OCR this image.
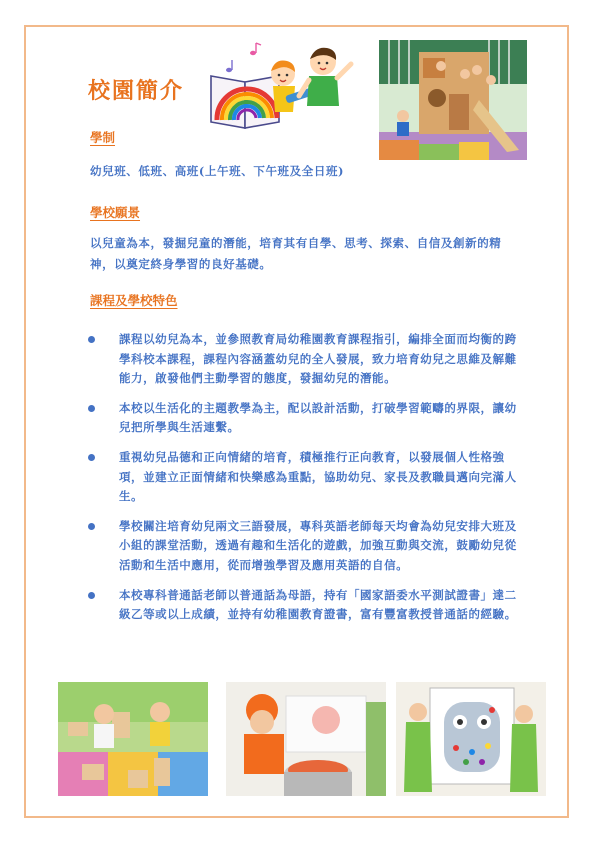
校園簡介
學制

幼兒班、低班、高班(上午班、下午班及全日班)

學校願景

以兒童為本，發掘兒童的潛能，培育其有自學、思考、探索、自信及創新的精神，以奠定終身學習的良好基礎。

課程及學校特色
課程以幼兒為本，並參照教育局幼稚園教育課程指引，編排全面而均衡的跨學科校本課程，課程內容涵蓋幼兒的全人發展，致力培育幼兒之思維及解難能力，啟發他們主動學習的態度，發掘幼兒的潛能。
本校以生活化的主題教學為主，配以設計活動，打破學習範疇的界限，讓幼兒把所學與生活連繫。
重視幼兒品德和正向情緒的培育，積極推行正向教育，以發展個人性格強項，並建立正面情緒和快樂感為重點，協助幼兒、家長及教職員邁向完滿人生。
學校關注培育幼兒兩文三語發展，專科英語老師每天均會為幼兒安排大班及小組的課堂活動，透過有趣和生活化的遊戲，加強互動與交流，鼓勵幼兒從活動和生活中應用，從而增強學習及應用英語的自信。
本校專科普通話老師以普通話為母語，持有「國家語委水平測試證書」達二級乙等或以上成績，並持有幼稚園教育證書，富有豐富教授普通話的經驗。
